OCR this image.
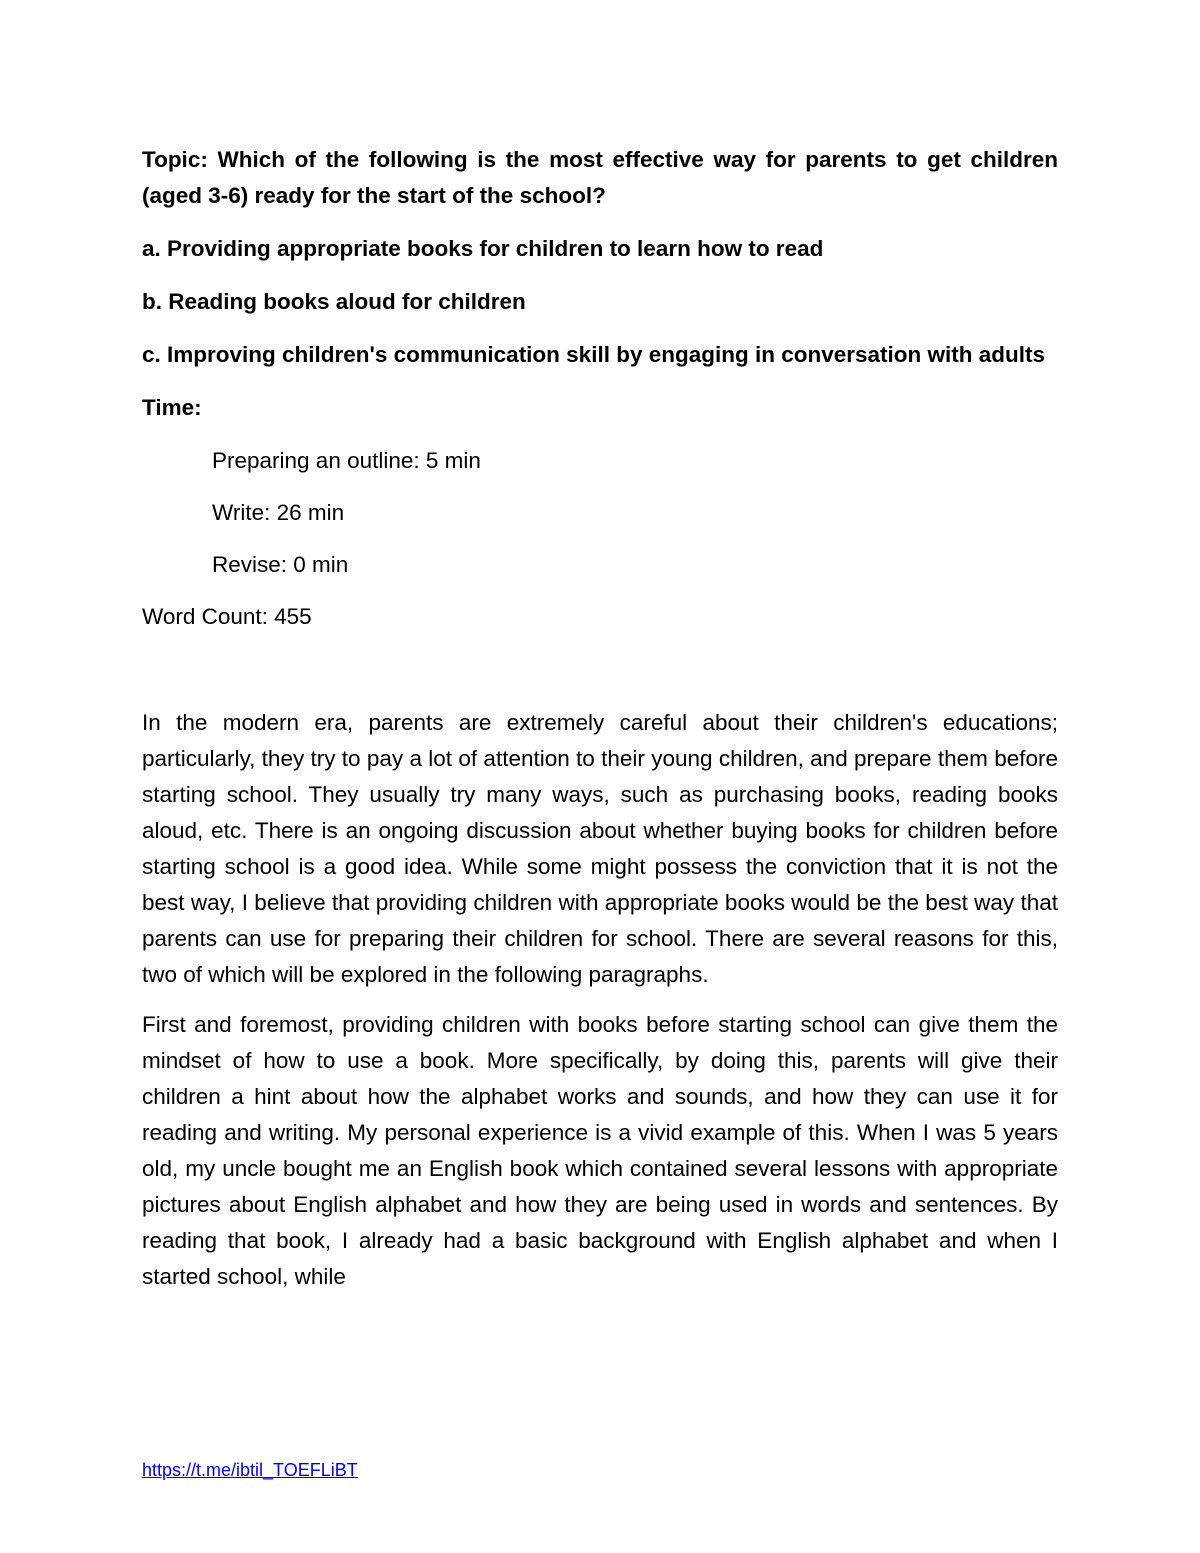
Topic: Which of the following is the most effective way for parents to get children (aged 3-6) ready for the start of the school?

a. Providing appropriate books for children to learn how to read

b. Reading books aloud for children

c. Improving children's communication skill by engaging in conversation with adults

Time:

Preparing an outline: 5 min

Write: 26 min

Revise: 0 min

Word Count: 455

In the modern era, parents are extremely careful about their children's educations; particularly, they try to pay a lot of attention to their young children, and prepare them before starting school. They usually try many ways, such as purchasing books, reading books aloud, etc. There is an ongoing discussion about whether buying books for children before starting school is a good idea. While some might possess the conviction that it is not the best way, I believe that providing children with appropriate books would be the best way that parents can use for preparing their children for school. There are several reasons for this, two of which will be explored in the following paragraphs.

First and foremost, providing children with books before starting school can give them the mindset of how to use a book. More specifically, by doing this, parents will give their children a hint about how the alphabet works and sounds, and how they can use it for reading and writing. My personal experience is a vivid example of this. When I was 5 years old, my uncle bought me an English book which contained several lessons with appropriate pictures about English alphabet and how they are being used in words and sentences. By reading that book, I already had a basic background with English alphabet and when I started school, while

https://t.me/ibtil_TOEFLiBT
